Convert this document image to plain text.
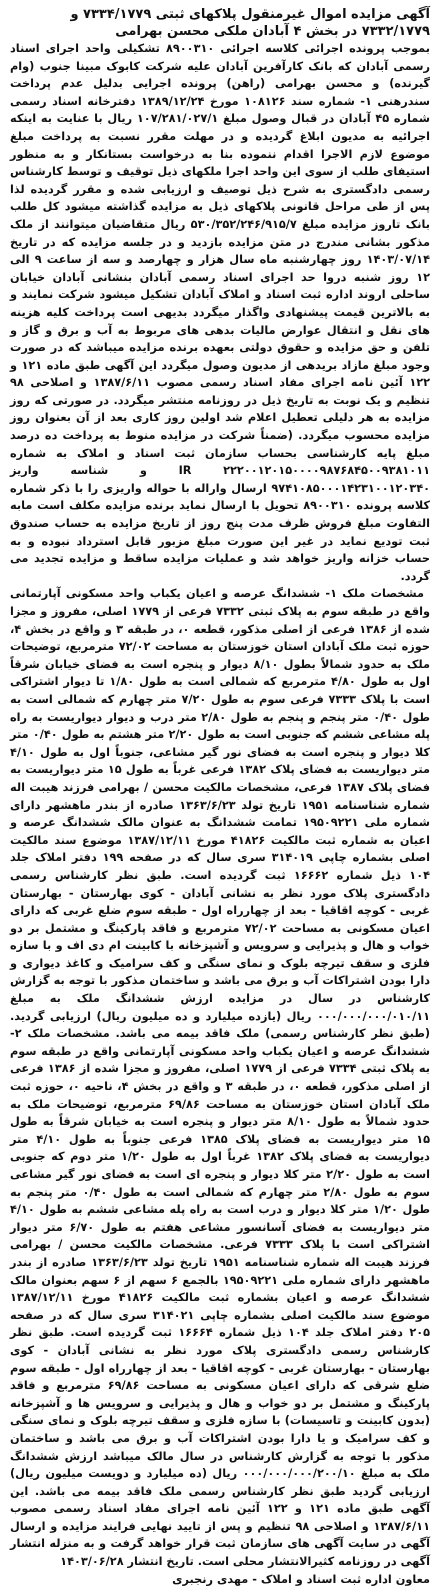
آگهی مزایده اموال غیرمنقول پلاکهای ثبتی ۷۳۳۴/۱۷۷۹ و ۷۳۳۲/۱۷۷۹ در بخش ۴ آبادان ملکی محسن بهرامی

بموجب پرونده اجرائی کلاسه اجرائی ۸۹۰۰۳۱۰ تشکیلی واحد اجرای اسناد رسمی آبادان که بانک کارآفرین آبادان علیه شرکت کابوک مبینا جنوب (وام گیرنده) و محسن بهرامی (راهن) پرونده اجرایی بدلیل عدم پرداخت سندرهنی ۱- شماره سند ۱۰۸۱۲۶ مورخ ۱۳۸۹/۱۲/۲۴ دفترخانه اسناد رسمی شماره ۴۵ آبادان در قبال وصول مبلغ ۱۰۷/۲۸۱/۰۲۷/۱ ریال با عنایت به اینکه اجرائیه به مدیون ابلاغ گردیده و در مهلت مقرر نسبت به پرداخت مبلغ موضوع لازم الاجرا اقدام ننموده بنا به درخواست بستانکار و به منظور استیفای طلب از سوی این واحد اجرا ملکهای ذیل توقیف و توسط کارشناس رسمی دادگستری به شرح ذیل توصیف و ارزیابی شده و مقرر گردیده لذا پس از طی مراحل قانونی پلاکهای ذیل به مزایده گذاشته میشود کل طلب بانک تاروز مزایده مبلغ ۵۳۰/۳۵۲/۲۴۶/۹۱۵/۷ ریال متقاضیان میتوانند از ملک مذکور بشانی مندرج در متن مزایده بازدید و در جلسه مزایده که در تاریخ ۱۴۰۳/۰۷/۱۴ روز چهارشنبه ماه سال هزار و چهارصد و سه از ساعت ۹ الی ۱۲ روز شنبه دروا حد اجرای اسناد رسمی آبادان بنشانی آبادان خیابان ساحلی اروند اداره ثبت اسناد و املاک آبادان تشکیل میشود شرکت نمایند و به بالاترین قیمت پیشنهادی واگذار میگردد بدیهی است پرداخت کلیه هزینه های نقل و انتقال عوارض مالیات بدهی های مربوط به آب و برق و گاز و تلفن و حق مزایده و حقوق دولتی بعهده برنده مزایده میباشد که در صورت وجود مبلغ مازاد بریدهی از مدیون وصول میگردد این آگهی طبق ماده ۱۲۱ و ۱۲۲ آئین نامه اجرای مفاد اسناد رسمی مصوب ۱۳۸۷/۶/۱۱ و اصلاحی ۹۸ تنظیم و یک نوبت به تاریخ ذیل در روزنامه منتشر میگردد. در صورتی که روز مزایده به هر دلیلی تعطیل اعلام شد اولین روز کاری بعد از آن بعنوان روز مزایده محسوب میگردد. (ضمناً شرکت در مزایده منوط به پرداخت ده درصد مبلغ پایه کارشناسی بحساب سازمان ثبت اسناد و املاک به شماره ۲۲۲۰۰۱۲۰۱۵۰۰۰۰۹۸۷۶۸۴۵۰۰۹۳۸۱۰۱۱ IR و شناسه واریز ۹۷۴۱۰۸۵۰۰۰۱۴۲۳۱۰۰۱۲۰۳۴۰ ارسال واراله با حواله واریزی را با ذکر شماره کلاسه پرونده ۸۹۰۰۳۱۰ تحویل با ارسال نماید برنده مزایده مکلف است مابه التفاوت مبلغ فروش ظرف مدت پنج روز از تاریخ مزایده به حساب صندوق ثبت تودیع نماید در غیر این صورت مبلغ مزبور قابل استرداد نبوده و به حساب خزانه واریز خواهد شد و عملیات مزایده ساقط و مزایده تجدید می گردد.

مشخصات ملک ۱- ششدانگ عرصه و اعیان یکباب واحد مسکونی آپارتمانی واقع در طبقه سوم به پلاک ثبتی ۷۳۳۲ فرعی از ۱۷۷۹ اصلی، مفروز و مجزا شده از ۱۳۸۶ فرعی از اصلی مذکور، قطعه ۰، در طبقه ۳ و واقع در بخش ۴، حوزه ثبت ملک آبادان استان خوزستان به مساحت ۷۲/۰۲ مترمربع، توضیحات ملک به حدود شمالاً بطول ۸/۱۰ دیوار و پنجره است به فضای خیابان شرقاً اول به طول ۴/۸۰ مترمربع که شمالی است به طول ۱/۸۰ تا دیوار اشتراکی است با پلاک ۷۳۳۳ فرعی سوم به طول ۷/۲۰ متر چهارم که شمالی است به طول ۰/۴۰ متر پنجم و پنجم به طول ۲/۸۰ متر درب و دیوار دیواریست به راه پله مشاعی ششم که جنوبی است به طول ۲/۲۰ متر هشتم به طول ۰/۴۰ متر کلا دیوار و پنجره است به فضای نور گیر مشاعی، جنوباً اول به طول ۴/۱۰ متر دیواریست به فضای پلاک ۱۳۸۲ فرعی غرباً به طول ۱۵ متر دیواریست به فضای پلاک ۱۳۸۷ فرعی، مشخصات مالکیت محسن / بهرامی فرزند هیبت اله شماره شناسنامه ۱۹۵۱ تاریخ تولد ۱۳۶۳/۶/۲۳ صادره از بندر ماهشهر دارای شماره ملی ۱۹۵۰۹۲۲۱ تمامت ششدانگ به عنوان مالک ششدانگ عرصه و اعیان به شماره ثبت مالکیت ۴۱۸۲۶ مورخ ۱۳۸۷/۱۲/۱۱ موضوع سند مالکیت اصلی بشماره چاپی ۳۱۴۰۱۹ سری سال که در صفحه ۱۹۹ دفتر املاک جلد ۱۰۴ ذیل شماره ۱۶۶۶۲ ثبت گردیده است. طبق نظر کارشناس رسمی دادگستری پلاک مورد نظر به نشانی آبادان - کوی بهارستان - بهارستان غربی - کوچه اقاقیا - بعد از چهارراه اول - طبقه سوم ضلع غربی که دارای اعیان مسکونی به مساحت ۷۲/۰۲ مترمربع و فاقد پارکینگ و مشتمل بر دو خواب و هال و پذیرایی و سرویس و آشپزخانه با کابینت ام دی اف و با سازه فلزی و سقف تیرچه بلوک و نمای سنگی و کف سرامیک و کاغذ دیواری و دارا بودن اشتراکات آب و برق می باشد و ساختمان مذکور با توجه به گزارش کارشناس در سال در مزایده ارزش ششدانگ ملک به مبلغ ۰۰۰/۰۰۰/۰۰۰/۰۱۰/۱۱ ریال (یازده میلیارد و ده میلیون ریال) ارزیابی گردید. (طبق نظر کارشناس رسمی) ملک فاقد بیمه می باشد. مشخصات ملک ۲- ششدانگ عرصه و اعیان یکباب واحد مسکونی آپارتمانی واقع در طبقه سوم به پلاک ثبتی ۷۳۳۴ فرعی از ۱۷۷۹ اصلی، مفروز و مجزا شده از ۱۳۸۶ فرعی از اصلی مذکور، قطعه ۰، در طبقه ۳ و واقع در بخش ۴، ناحیه ۰، حوزه ثبت ملک آبادان استان خوزستان به مساحت ۶۹/۸۶ مترمربع، توضیحات ملک به حدود شمالاً به طول ۸/۱۰ متر دیوار و پنجره است به خیابان شرقاً به طول ۱۵ متر دیواریست به فضای پلاک ۱۳۸۵ فرعی جنوباً به طول ۴/۱۰ متر دیواریست به فضای پلاک ۱۳۸۲ غرباً اول به طول ۱/۲۰ متر دوم که جنوبی است به طول ۲/۲۰ متر کلا دیوار و پنجره ای است به فضای نور گیر مشاعی سوم به طول ۲/۸۰ متر چهارم که شمالی است به طول ۰/۴۰ متر پنجم به طول ۱/۲۰ متر کلا دیوار و درب است به راه پله مشاعی ششم به طول ۴/۱۰ متر دیواریست به فضای آسانسور مشاعی هفتم به طول ۶/۷۰ متر دیوار اشتراکی است با پلاک ۷۳۳۳ فرعی. مشخصات مالکیت محسن / بهرامی فرزند هیبت اله شماره شناسنامه ۱۹۵۱ تاریخ تولد ۱۳۶۳/۶/۲۳ صادره از بندر ماهشهر دارای شماره ملی ۱۹۵۰۹۲۲۱ بالجمع ۶ سهم از ۶ سهم بعنوان مالک ششدانگ عرصه و اعیان بشماره ثبت مالکیت ۴۱۸۲۶ مورخ ۱۳۸۷/۱۲/۱۱ موضوع سند مالکیت اصلی بشماره چاپی ۳۱۴۰۲۱ سری سال که در صفحه ۲۰۵ دفتر املاک جلد ۱۰۴ ذیل شماره ۱۶۶۶۴ ثبت گردیده است. طبق نظر کارشناس رسمی دادگستری پلاک مورد نظر به نشانی آبادان - کوی بهارستان - بهارستان غربی - کوچه اقاقیا - بعد از چهارراه اول - طبقه سوم ضلع شرقی که دارای اعیان مسکونی به مساحت ۶۹/۸۶ مترمربع و فاقد پارکینگ و مشتمل بر دو خواب و هال و پذیرایی و سرویس ها و آشپزخانه (بدون کابینت و تاسیسات) با سازه فلزی و سقف تیرچه بلوک و نمای سنگی و کف سرامیک و یا دارا بودن اشتراکات آب و برق می باشد و ساختمان مذکور با توجه به گزارش کارشناس در سال مالک میباشد ارزش ششدانگ ملک به مبلغ ۰۰۰/۰۰۰/۰۰۰/۲۰۰/۱۰ ریال (ده میلیارد و دویست میلیون ریال) ارزیابی گردید طبق نظر کارشناس رسمی ملک فاقد بیمه می باشد. این آگهی طبق ماده ۱۲۱ و ۱۲۲ آئین نامه اجرای مفاد اسناد رسمی مصوب ۱۳۸۷/۶/۱۱ و اصلاحی ۹۸ تنظیم و پس از تایید نهایی فرایند مزایده و ارسال آگهی در سایت آگهی های سازمان ثبت قرار خواهد گرفت و به منزله انتشار آگهی در روزنامه کثیرالانتشار محلی است. تاریخ انتشار ۱۴۰۳/۰۶/۲۸

معاون اداره ثبت اسناد و املاک - مهدی رنجبری
